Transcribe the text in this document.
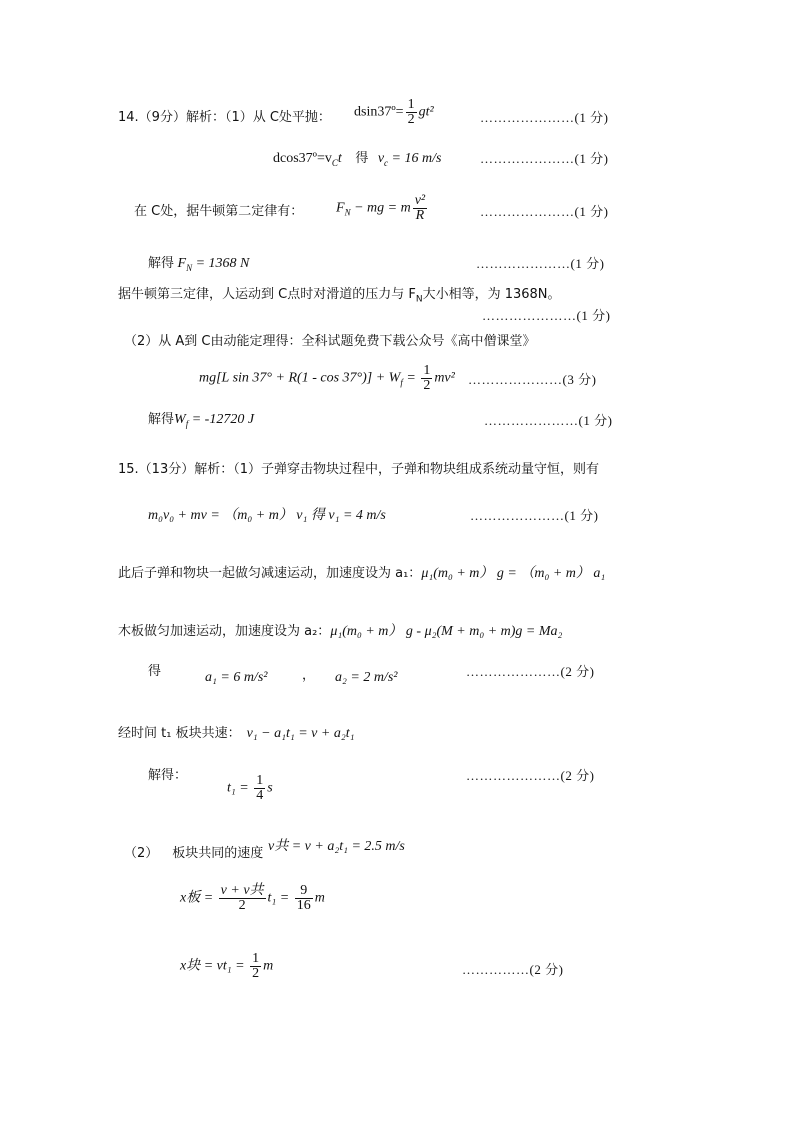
14.（9分）解析：（1）从 C处平抛： dsin37º= $\frac{1}{2} gt^2$	…………………(1 分)
$dcos37º=v_Ct$ 得 $v_c = 16$ m/s	…………………(1 分)
在 C处，据牛顿第二定律有： $F_N$ − mg = m $\frac{\text{v²}}{R}$	…………………(1 分)
解得 $F_N = 1368$ N	…………………(1 分)
据牛顿第三定律，人运动到 C点时对滑道的压力与 $F_N$大小相等，为 1368N。
…………………(1 分)
（2）从 A到 C由动能定理得：全科试题免费下载公众号《高中僧课堂》
mg[L $\sin 37^\circ + R(1 - \cos 37^\circ)] + W_f = \frac{1}{2} mv^2$ …………………(3 分)
解得$W_f = -12720$ J	…………………(1 分)
15.（13分）解析：（1）子弹穿击物块过程中，子弹和物块组成系统动量守恒，则有
m₀v₀ + mv = （m₀ + m） v₁ 得 v₁ = 4 m/s	…………………(1 分)
此后子弹和物块一起做匀减速运动，加速度设为 a₁：μ₁(m₀ + m） g = （m₀ + m） a₁
木板做匀加速运动，加速度设为 a₂：μ₁(m₀ + m） g - μ₂(M + m₀ + m)g = Ma₂
得	a₁ = 6 m/s²	， a₂ = 2 m/s²	…………………(2 分)
经时间 t₁ 板块共速： v₁ − a₁t₁ = v + a₂t₁
解得：
$t_1 = \frac{1}{4}$ s
…………………(2 分)
（2） 板块共同的速度 v共 = v + a₂t₁ = 2.5 m/s
x板 = $\frac{\text{v + v共}}{2} t_1 = \frac{9}{16}$ m
x块 = $vt_1 = \frac{1}{2}$ m	……………(2 分)
